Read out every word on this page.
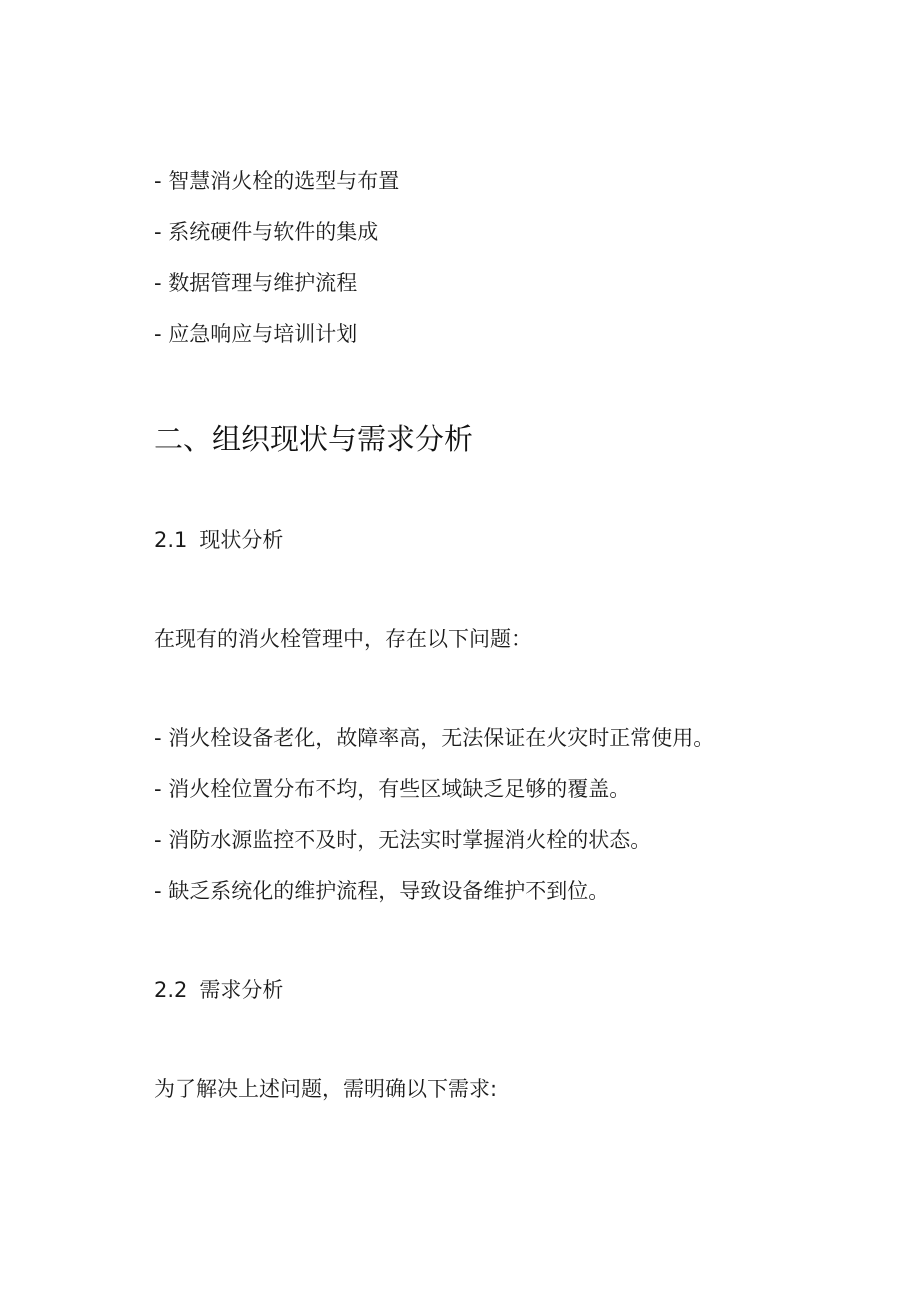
- 智慧消火栓的选型与布置
- 系统硬件与软件的集成
- 数据管理与维护流程
- 应急响应与培训计划
二、组织现状与需求分析
2.1 现状分析
在现有的消火栓管理中，存在以下问题：
- 消火栓设备老化，故障率高，无法保证在火灾时正常使用。
- 消火栓位置分布不均，有些区域缺乏足够的覆盖。
- 消防水源监控不及时，无法实时掌握消火栓的状态。
- 缺乏系统化的维护流程，导致设备维护不到位。
2.2 需求分析
为了解决上述问题，需明确以下需求:
